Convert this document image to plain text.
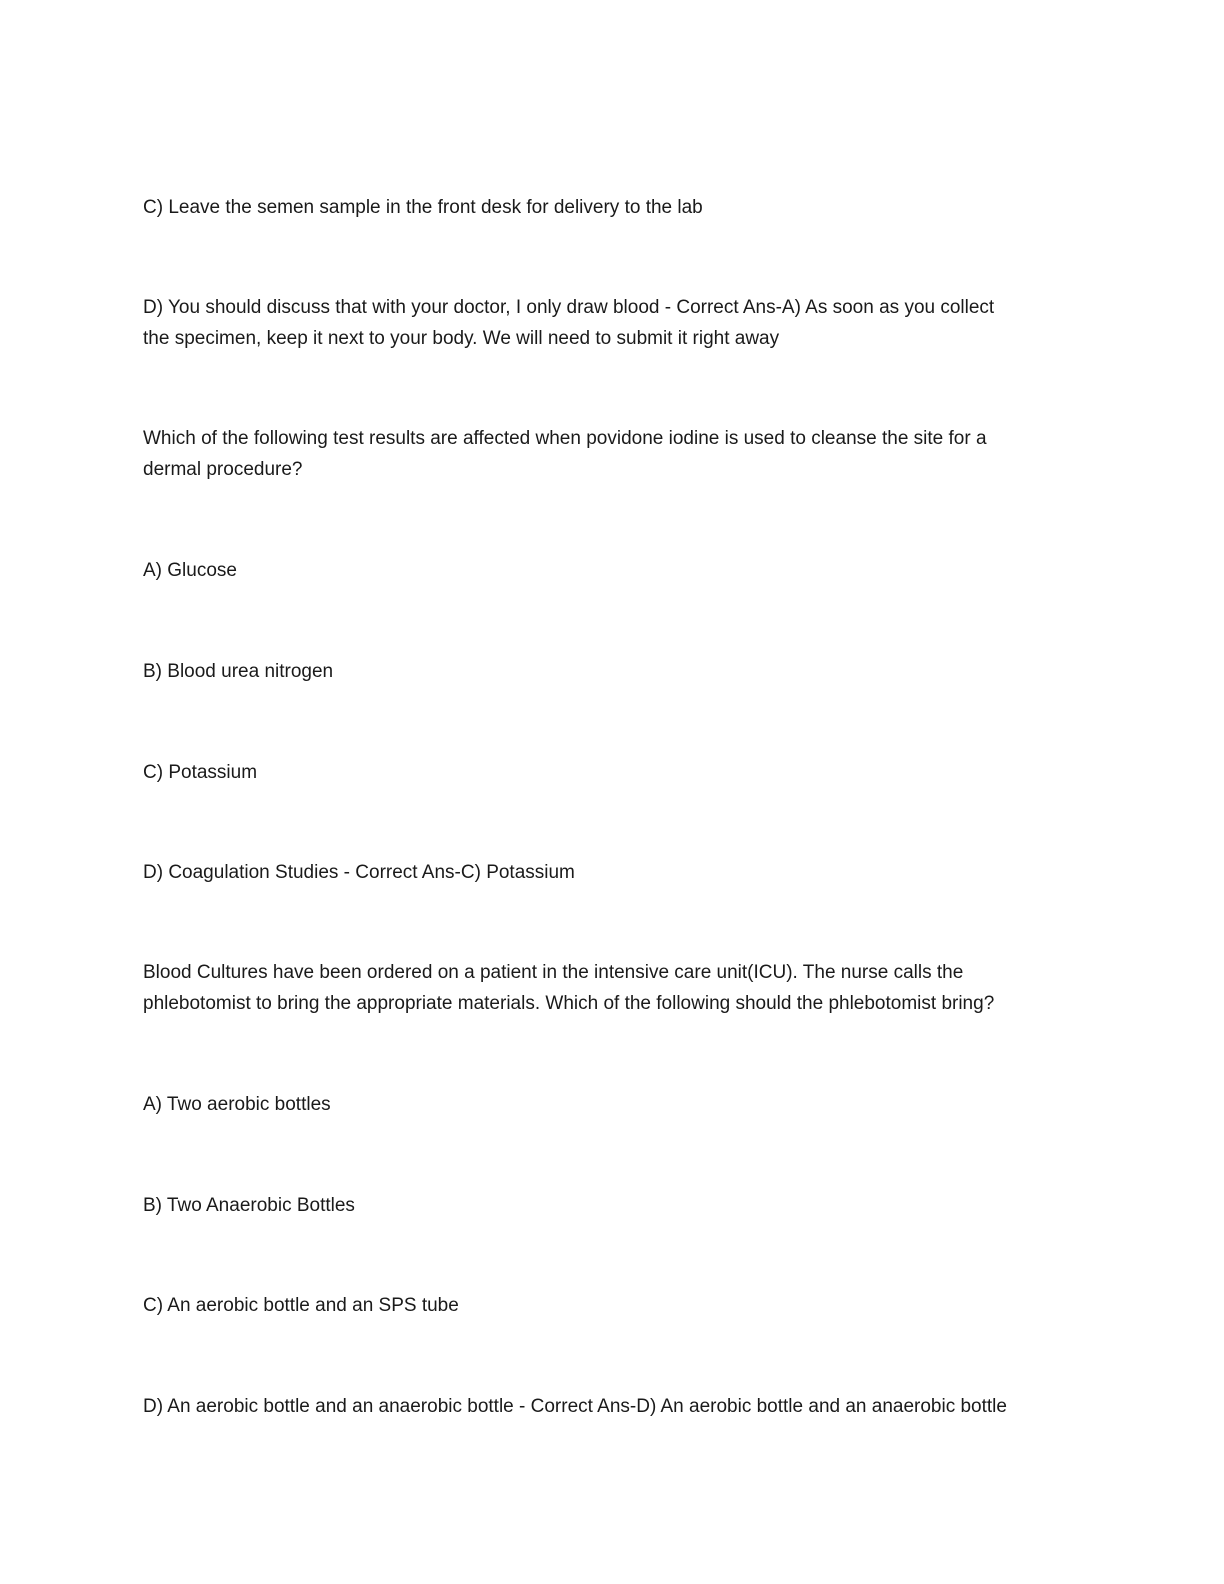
C) Leave the semen sample in the front desk for delivery to the lab

D) You should discuss that with your doctor, I only draw blood - Correct Ans-A) As soon as you collect
the specimen, keep it next to your body. We will need to submit it right away

Which of the following test results are affected when povidone iodine is used to cleanse the site for a
dermal procedure?

A) Glucose

B) Blood urea nitrogen

C) Potassium

D) Coagulation Studies - Correct Ans-C) Potassium

Blood Cultures have been ordered on a patient in the intensive care unit(ICU). The nurse calls the
phlebotomist to bring the appropriate materials. Which of the following should the phlebotomist bring?

A) Two aerobic bottles

B) Two Anaerobic Bottles

C) An aerobic bottle and an SPS tube

D) An aerobic bottle and an anaerobic bottle - Correct Ans-D) An aerobic bottle and an anaerobic bottle
